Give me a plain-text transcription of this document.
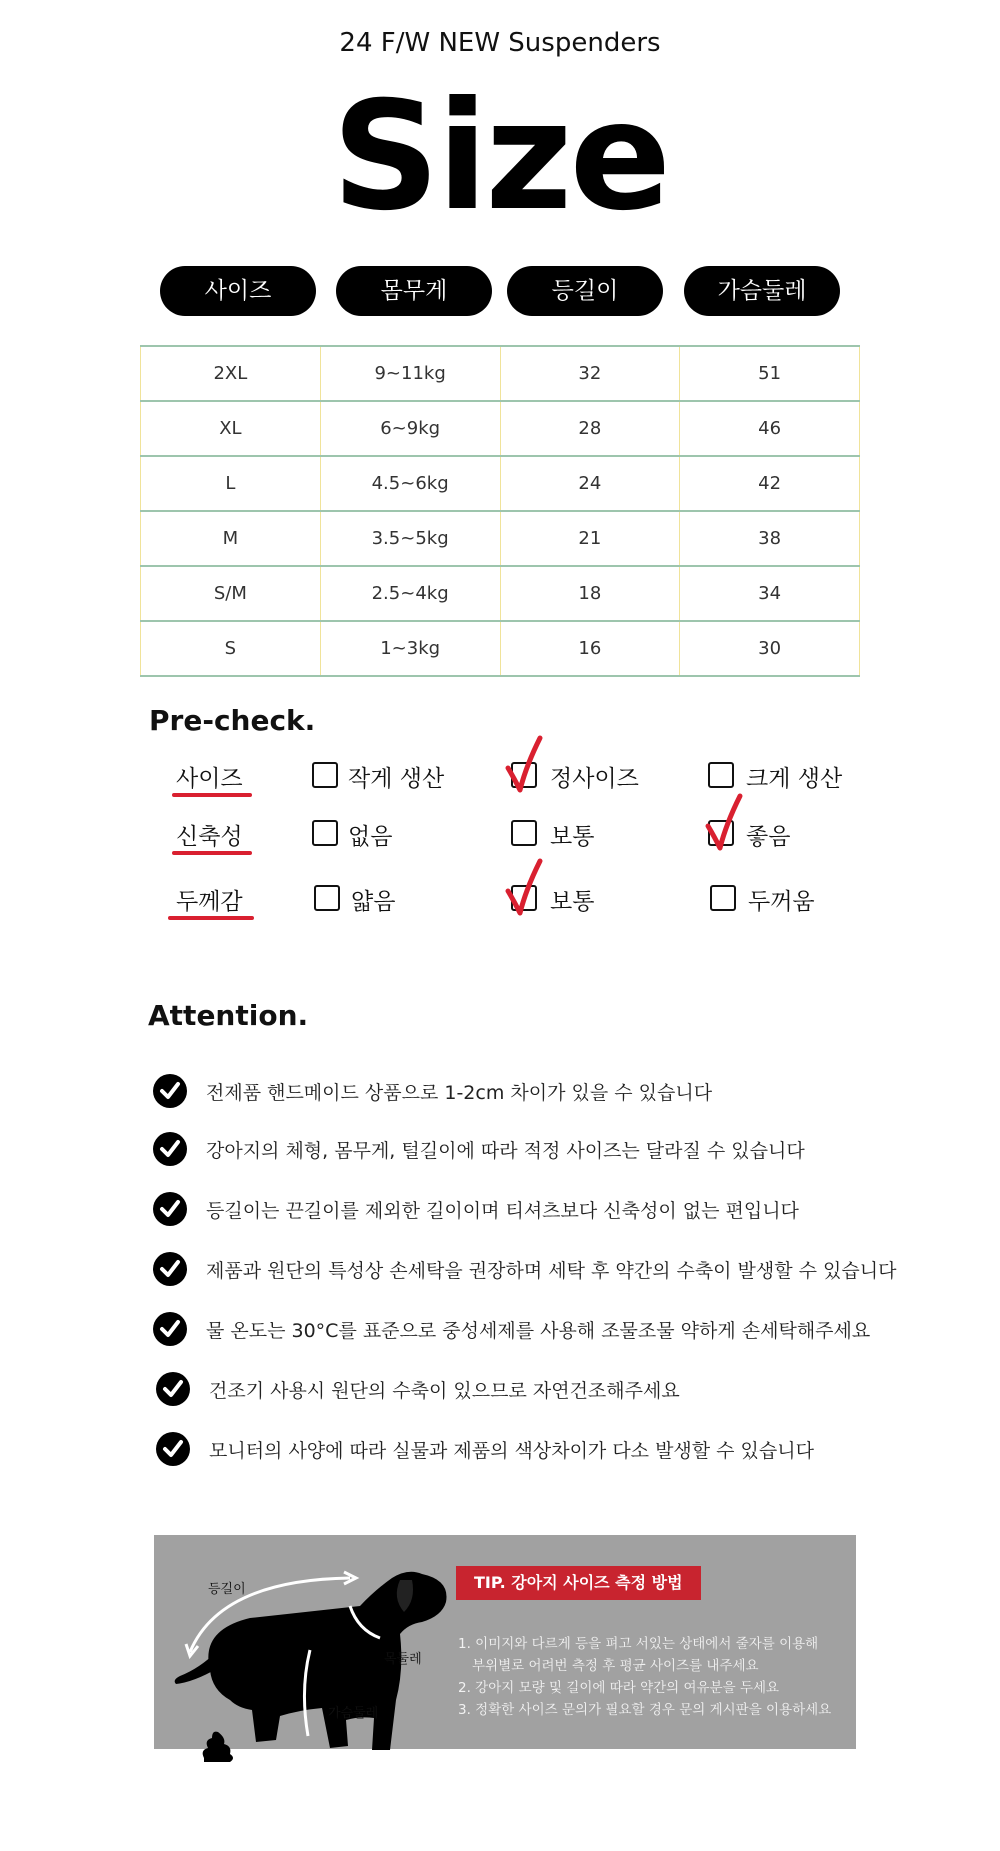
24 F/W NEW Suspenders
Size
사이즈	몸무게	등길이	가슴둘레
2XL	9~11kg	32	51
XL	6~9kg	28	46
L	4.5~6kg	24	42
M	3.5~5kg	21	38
S/M	2.5~4kg	18	34
S	1~3kg	16	30
Pre-check.
사이즈	작게 생산	정사이즈	크게 생산
신축성	없음	보통	좋음
두께감	얇음	보통	두꺼움
Attention.
전제품 핸드메이드 상품으로 1-2cm 차이가 있을 수 있습니다
강아지의 체형, 몸무게, 털길이에 따라 적정 사이즈는 달라질 수 있습니다
등길이는 끈길이를 제외한 길이이며 티셔츠보다 신축성이 없는 편입니다
제품과 원단의 특성상 손세탁을 권장하며 세탁 후 약간의 수축이 발생할 수 있습니다
물 온도는 30°C를 표준으로 중성세제를 사용해 조물조물 약하게 손세탁해주세요
건조기 사용시 원단의 수축이 있으므로 자연건조해주세요
모니터의 사양에 따라 실물과 제품의 색상차이가 다소 발생할 수 있습니다
등길이
목둘레
가슴둘레
TIP. 강아지 사이즈 측정 방법
1. 이미지와 다르게 등을 펴고 서있는 상태에서 줄자를 이용해
부위별로 어려번 측정 후 평균 사이즈를 내주세요
2. 강아지 모량 및 길이에 따라 약간의 여유분을 두세요
3. 정확한 사이즈 문의가 필요할 경우 문의 게시판을 이용하세요
